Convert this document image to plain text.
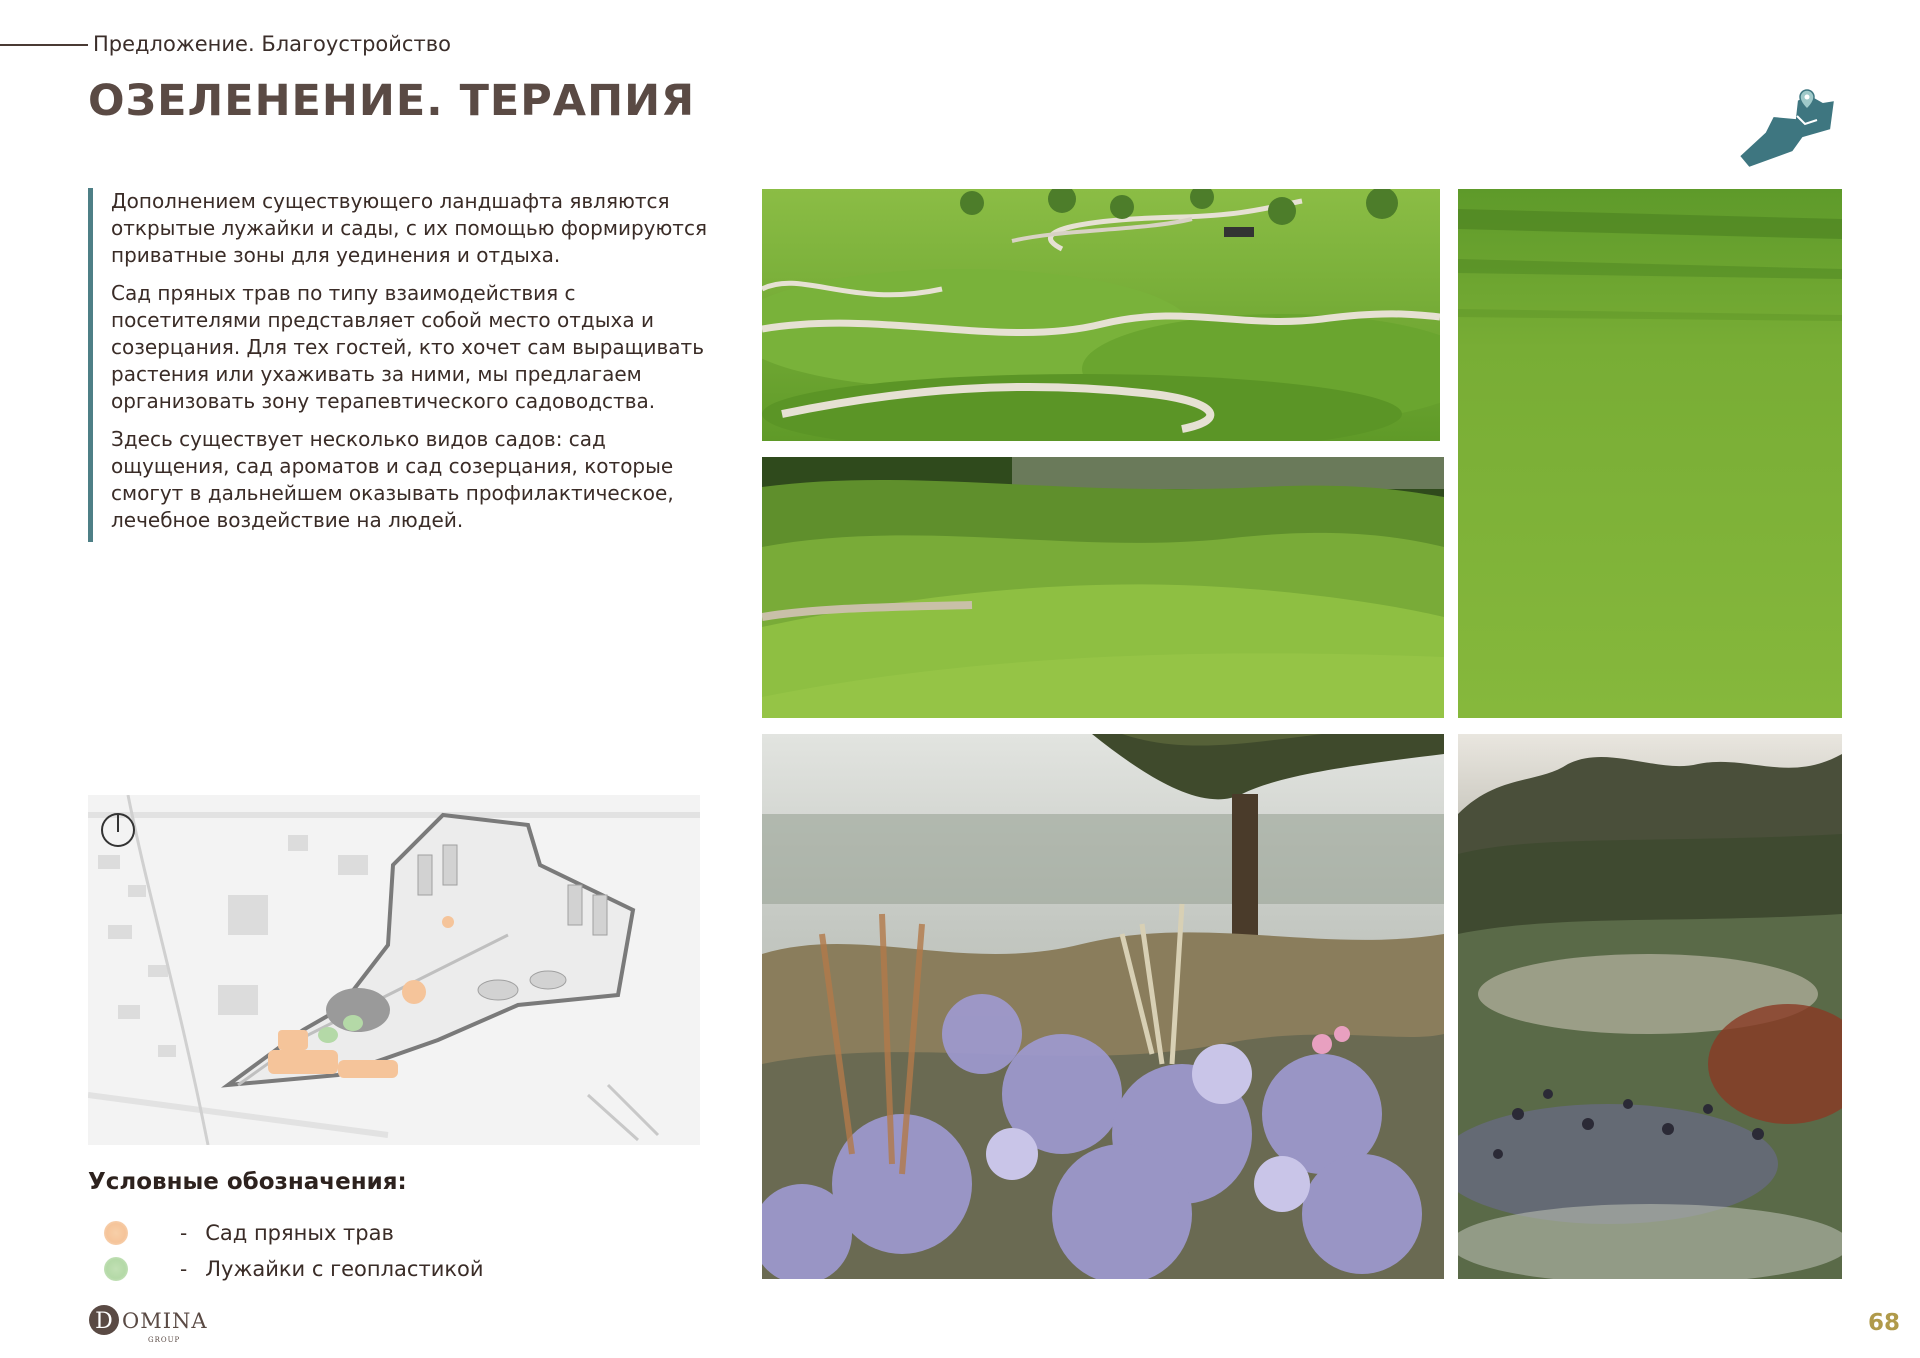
Предложение. Благоустройство
ОЗЕЛЕНЕНИЕ. ТЕРАПИЯ

Дополнением существующего ландшафта являются открытые лужайки и сады, с их помощью формируются приватные зоны для уединения и отдыха.

Сад пряных трав по типу взаимодействия с посетителями представляет собой место отдыха и созерцания. Для тех гостей, кто хочет сам выращивать растения или ухаживать за ними, мы предлагаем организовать зону терапевтического садоводства.

Здесь существует несколько видов садов: сад ощущения, сад ароматов и сад созерцания, которые смогут в дальнейшем оказывать профилактическое, лечебное воздействие на людей.

Условные обозначения:
- Сад пряных трав
- Лужайки с геопластикой
D OMINA
GROUP
68
